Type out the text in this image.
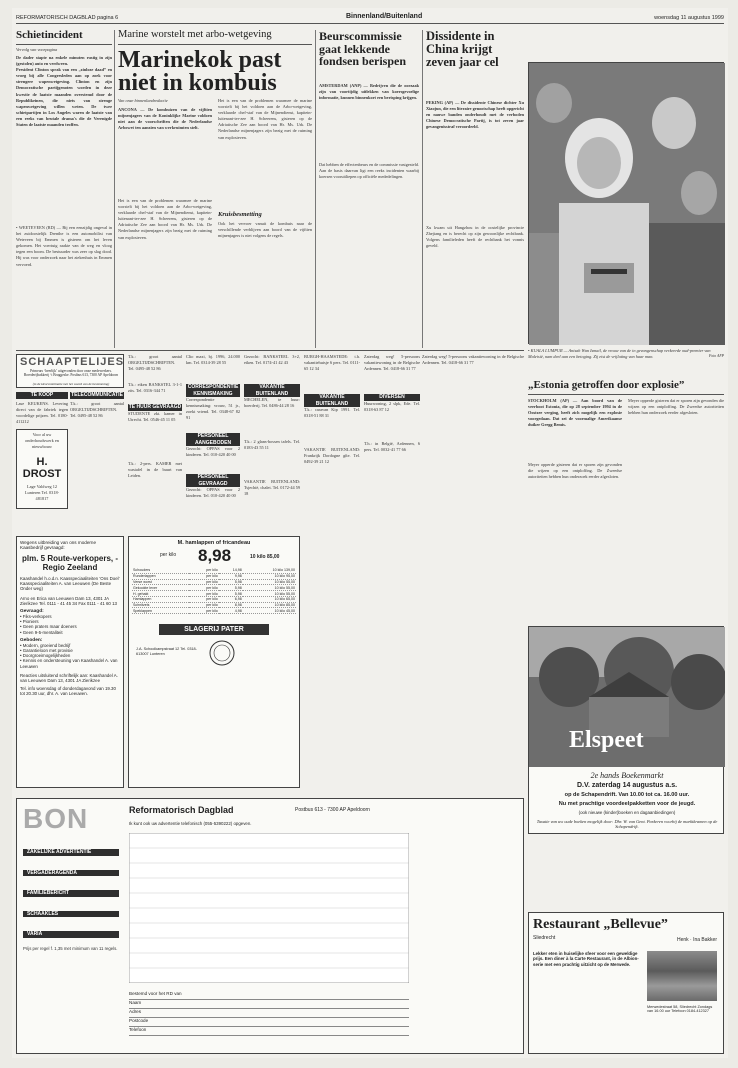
REFORMATORISCH DAGBLAD pagina 6	Binnenland/Buitenland	woensdag 11 augustus 1999
Schietincident
Vervolg van voorpagina
De dader stapte na enkele minuten rustig in zijn (gestolen) auto en verdween.
President Clinton sprak van een „zinloze daad” en vroeg bij alle Congresleden aan op zoek voor strengere wapenwetgeving. Clinton en zijn Democratische partijgenoten worden in deze kwestie de laatste maanden overstemd door de Republikeinen, die niets van strenge wapenwetgeving willen weten. De twee schietpartijen in Los Angeles waren de laatste van een reeks van brutale drama's die de Verenigde Staten de laatste maanden troffen.
• WEETEVEEN (RD) — Bij een eenzijdig ongeval in het zuidoostelijk Drenthe is een automobilist van Weteveen bij Emmen is gisteren om het leven gekomen. Het voertuig raakte van de weg en vloog tegen een boom. De bestuurder was zeer op slag dood. Hij was voor onderzoek naar het ziekenhuis in Emmen vervoerd.
Marine worstelt met arbo-wetgeving
Marinekok past niet in kombuis
Van onze binnenlandredactie
ANCONA — De kombuizen van de vijftien mijnenjagers van de Koninklijke Marine voldoen niet aan de voorschriften die de Nederlandse Arbowet ten aanzien van werkruimten stelt.
Het is een van de problemen waarmee de marine worstelt bij het voldoen aan de Arbo-wetgeving, verklaarde chef-staf van de Mijnendienst, kapitein-luitenant-ter-zee H. Scheerens, gisteren op de Adriatische Zee aan boord van Hr. Ms. Urk. De Nederlandse mijnenjagers zijn bezig met de ruiming van explosieven.
Het is een van de problemen waarmee de marine worstelt bij het voldoen aan de Arbo-wetgeving, verklaarde chef-staf van de Mijnendienst, kapitein-luitenant-ter-zee H. Scheerens, gisteren op de Adriatische Zee aan boord van Hr. Ms. Urk. De Nederlandse mijnenjagers zijn bezig met de ruiming van explosieven.
Kruisbesmetting
Ook het vervoer vanuit de kombuis naar de verschillende verblijven aan boord van de vijftien mijnenjagers is niet volgens de regels.
Beurscommissie gaat lekkende fondsen berispen
AMSTERDAM (ANP) — Bedrijven die de oorzaak zijn van voortijdig uitlekken van koersgevoelige informatie, kunnen binnenkort een berisping krijgen.
Dat hebben de effectenbeurs en de commissie vastgesteld. Aan de basis daarvan ligt een reeks incidenten waarbij koersen vooruitliepen op officiële mededelingen.
Dissidente in China krijgt zeven jaar cel
PEKING (AP) — De dissidente Chinese dichter Xu Xiaojun, die een literaire genootschap heeft opgericht en nauwe banden onderhoudt met de verboden Chinese Democratische Partij, is tot zeven jaar gevangenisstraf veroordeeld.
Xu kwam uit Hangzhou in de oostelijke provincie Zhejiang en is berecht op zijn gewoonlijke rechtbank. Volgens familieleden heeft de rechtbank het vonnis geveld.
• KUALA LUMPUR — Anisah Wan Ismail, de vrouw van de in gevangenschap verkeerde oud-premier van Maleisië, nam deel aan een betoging. Zij eist de vrijlating van haar man.	Foto AFP
SCHAAPTELIJES
Primeurs ‘heerlijk’ uitgevonden door onze medewerkers. Boerderijbakkerij ‘t Bruggeske. Postbus 613, 7300 AP Apeldoorn
(in de kleurcombinatie met het woord van de bestemming)
TE KOOP
Lase KEUKENS. Levering direct van de fabriek tegen voordelige prijzen. Tel. 0180-411212
Voor al uw onderhoudswerk en nieuwbouw
H. DROST
Lage Valdweg 12 Lunteren Tel. 0318-481817
TELECOMMUNICATIE
T.k.: groot aantal ORGELTIJDSCHRIFTEN. Tel. 0495-48 52 86
T.k.: groot aantal ORGELTIJDSCHRIFTEN. Tel. 0495-48 52 86
T.k.: eiken BANKSTEL 3-1-1 zits. Tel. 0316-344 71
TE HUUR GEVRAAGD
STUDENTE zkt. kamer in Utrecht. Tel. 0546-45 11 05
T.k.: 2-pers. KAMER met wastafel in de buurt van Leiden.
Clio maxi, bj. 1996, 24.000 km. Tel. 0314-39 28 55
CORRESPONDENTIE KENNISMAKING
Correspondentie kennismaking: vrouw, 51 jr., zoekt vriend. Tel. 0348-67 82 91
PERSONEEL AANGEBODEN
Gezocht: OPPAS voor 2 kinderen. Tel. 010-420 40 00
PERSONEEL GEVRAAGD
Gezocht: OPPAS voor 2 kinderen. Tel. 010-420 40 00
Gezocht: BANKSTEEL 3+2, eiken. Tel. 0174-41 42 43
VAKANTIE BUITENLAND
MECHELEN, te huur: boerderij. Tel. 0486-44 28 16
T.k.: 2 glans-bossen tafels. Tel. 0183-43 55 11
VAKANTIE BUITENLAND: Tsjechië, chalet. Tel. 0172-44 59 18
BURGH-HAAMSTEDE: t.h. vakantiehuisje 6 pers. Tel. 0111-65 12 34
VAKANTIE BUITENLAND
T.k.: caravan Kip 1991. Tel. 0318-51 88 31
VAKANTIE BUITENLAND: Frankrijk Dordogne gîte. Tel. 0492-39 21 12
Zaterdag weg! 5-persoons vakantiewoning in de Belgische Ardennen. Tel. 0418-66 31 77
DIVERSEN
Huurwoning, 2 slpk, Ede. Tel. 0318-63 87 12
T.h.: in België, Ardennen, 6 pers. Tel. 0032-41 77 66
Zaterdag weg! 5-persoons vakantiewoning in de Belgische Ardennen. Tel. 0418-66 31 77
„Estonia getroffen door explosie”
STOCKHOLM (AP) — Aan boord van de veerboot Estonia, die op 28 september 1994 in de Oostzee verging, heeft zich mogelijk een explosie voorgedaan. Dat zei de voormalige Amerikaanse duiker Gregg Bemis.
Meyer opperde gisteren dat er sporen zijn gevonden die wijzen op een ontploffing. De Zweedse autoriteiten hebben hun onderzoek eerder afgesloten.
Meyer opperde gisteren dat er sporen zijn gevonden die wijzen op een ontploffing. De Zweedse autoriteiten hebben hun onderzoek eerder afgesloten.
Wegens uitbreiding van ons moderne Kaasbedrijf gevraagd:
plm. 5 Route-verkopers, -Regio Zeeland
Kaashandel h.o.d.n. Kaasspeciaaliteiten ‘Ons Doel’ Kaasspeciaaliteiten A. van Leeuwen (De Beste Onder weg)
Arno en Erica van Leeuwen Dam 13, 4301 JA Zierikzee Tel. 0111 - 41 45 34 Fax 0111 - 41 60 13
Gevraagd:
• Fiks-verkopers
• Pioniers
• Geen praters maar doeners
• Geen 9-5-mentaliteit
Geboden:
• Modern, groeiend bedrijf
• Garantieloon met provisie
• Doorgroeimogelijkheden
• Kennis en ondersteuning van Kaashandel A. van Leeuwen
Reacties uitsluitend schriftelijk aan: Kaashandel A. van Leeuwen Dam 13, 4301 JA Zierikzee
Tel. info woensdag of donderdagavond van 19.30 tot 20.30 uur, dhr. A. van Leeuwen.
M. hamlappen of fricandeau
per kilo 8,98	10 kilo 85,00
Schouders	per kilo	14,98	10 kilo 139,00
Runderlappen	per kilo	9,98	10 kilo 95,00
Verse worst	per kilo	5,98	10 kilo 55,00
Gekookte lever	per kilo	5,98	10 kilo 55,00
H. gehakt	per kilo	5,98	10 kilo 55,00
Hamlappen	per kilo	6,98	10 kilo 65,00
Schnitzels	per kilo	8,98	10 kilo 85,00
Speklappen	per kilo	4,98	10 kilo 45,00
SLAGERIJ PATER
J.A. Schoolkampstraat 12 Tel. 0318-613007 Lunteren
BON	Reformatorisch Dagblad	Postbus 613 - 7300 AP Apeldoorn
Ik kunt ook uw advertentie telefonisch (055-5390222) opgeven.
ZAKELIJKE ADVERTENTIE
VERGADERAGENDA
FAMILIEBERICHT
SCHAAKLES
VARIA
Prijs per regel f. 1,35 met minimum van 11 regels.
Bestemd voor het RD van
Naam
Adres
Postcode
Telefoon
Elspeet
2e hands Boekenmarkt
D.V. zaterdag 14 augustus a.s.
op de Schapendrift. Van 10.00 tot ca. 16.00 uur.
Nu met prachtige voordeelpakketten voor de jeugd.
(ook nieuwe (kinder)boeken en dagaanbiedingen)
Taxatie van uw oude boeken mogelijk door: Dhr. W. van Gent. Parkeren voorbij de marktkramen op de Schapendrift.
Restaurant „Bellevue”
Sliedrecht	Henk · Ina Bakker
Lekker eten in huiselijke sfeer voor een geweldige prijs. Een diner à la Carte Restaurant, in de Albion-serie met een prachtig uitzicht op de Merwede.
Merwedestraat 58, Sliedrecht Zondags van 16.00 uur Telefoon 0184-412327
